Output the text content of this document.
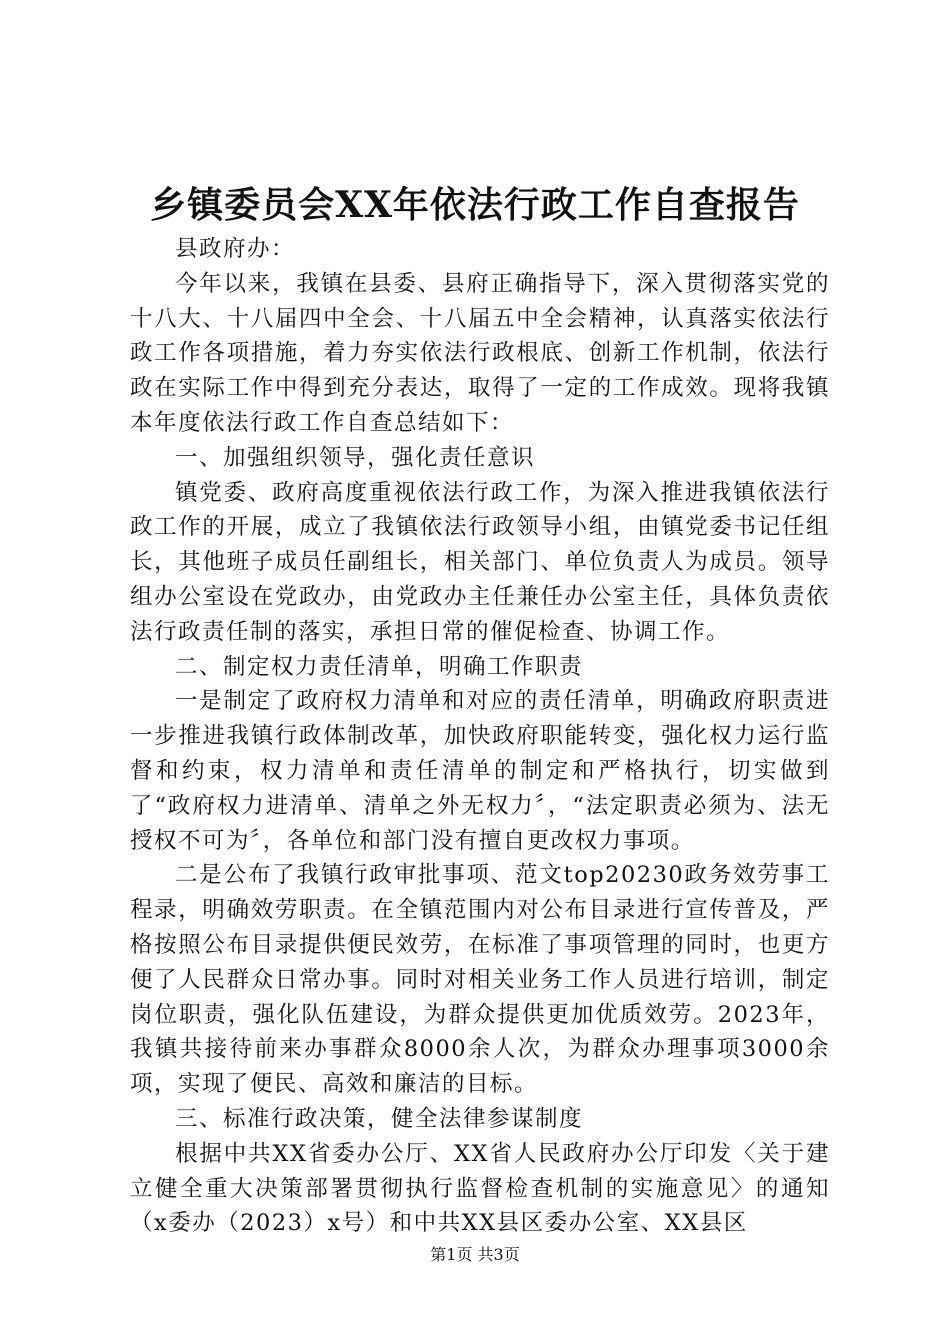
乡镇委员会XX年依法行政工作自查报告

县政府办：

今年以来，我镇在县委、县府正确指导下，深入贯彻落实党的十八大、十八届四中全会、十八届五中全会精神，认真落实依法行政工作各项措施，着力夯实依法行政根底、创新工作机制，依法行政在实际工作中得到充分表达，取得了一定的工作成效。现将我镇本年度依法行政工作自查总结如下：

一、加强组织领导，强化责任意识

镇党委、政府高度重视依法行政工作，为深入推进我镇依法行政工作的开展，成立了我镇依法行政领导小组，由镇党委书记任组长，其他班子成员任副组长，相关部门、单位负责人为成员。领导组办公室设在党政办，由党政办主任兼任办公室主任，具体负责依法行政责任制的落实，承担日常的催促检查、协调工作。

二、制定权力责任清单，明确工作职责

一是制定了政府权力清单和对应的责任清单，明确政府职责进一步推进我镇行政体制改革，加快政府职能转变，强化权力运行监督和约束，权力清单和责任清单的制定和严格执行，切实做到了“政府权力进清单、清单之外无权力〞，“法定职责必须为、法无授权不可为〞，各单位和部门没有擅自更改权力事项。

二是公布了我镇行政审批事项、范文top20230政务效劳事工程录，明确效劳职责。在全镇范围内对公布目录进行宣传普及，严格按照公布目录提供便民效劳，在标准了事项管理的同时，也更方便了人民群众日常办事。同时对相关业务工作人员进行培训，制定岗位职责，强化队伍建设，为群众提供更加优质效劳。2023年，我镇共接待前来办事群众8000余人次，为群众办理事项3000余项，实现了便民、高效和廉洁的目标。

三、标准行政决策，健全法律参谋制度

根据中共XX省委办公厅、XX省人民政府办公厅印发〈关于建立健全重大决策部署贯彻执行监督检查机制的实施意见〉的通知（x委办（2023）x号）和中共XX县区委办公室、XX县区

第1页 共3页
